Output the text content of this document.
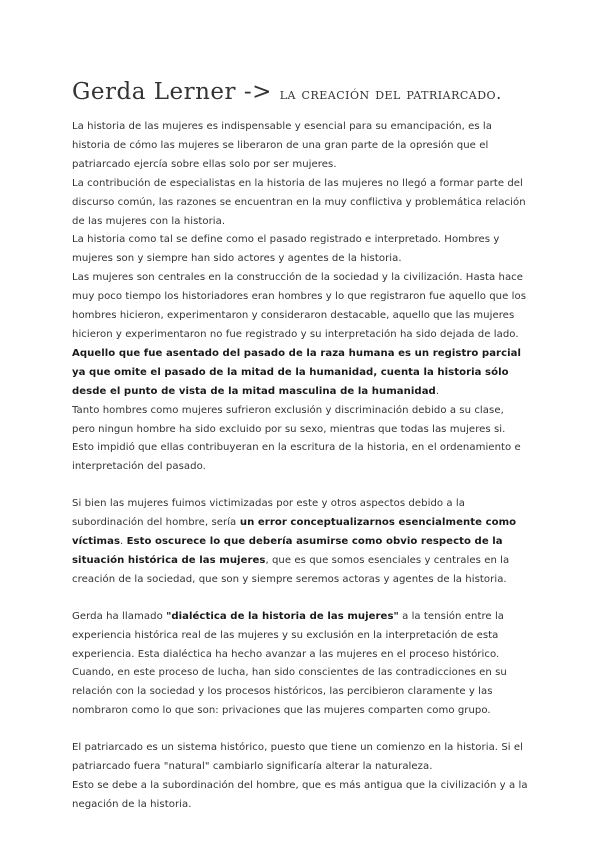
Gerda Lerner -> la creación del patriarcado.

La historia de las mujeres es indispensable y esencial para su emancipación, es la historia de cómo las mujeres se liberaron de una gran parte de la opresión que el patriarcado ejercía sobre ellas solo por ser mujeres.

La contribución de especialistas en la historia de las mujeres no llegó a formar parte del discurso común, las razones se encuentran en la muy conflictiva y problemática relación de las mujeres con la historia.

La historia como tal se define como el pasado registrado e interpretado. Hombres y mujeres son y siempre han sido actores y agentes de la historia.

Las mujeres son centrales en la construcción de la sociedad y la civilización. Hasta hace muy poco tiempo los historiadores eran hombres y lo que registraron fue aquello que los hombres hicieron, experimentaron y consideraron destacable, aquello que las mujeres hicieron y experimentaron no fue registrado y su interpretación ha sido dejada de lado.

Aquello que fue asentado del pasado de la raza humana es un registro parcial ya que omite el pasado de la mitad de la humanidad, cuenta la historia sólo desde el punto de vista de la mitad masculina de la humanidad.

Tanto hombres como mujeres sufrieron exclusión y discriminación debido a su clase, pero ningun hombre ha sido excluido por su sexo, mientras que todas las mujeres si. Esto impidió que ellas contribuyeran en la escritura de la historia, en el ordenamiento e interpretación del pasado.

Si bien las mujeres fuimos victimizadas por este y otros aspectos debido a la subordinación del hombre, sería un error conceptualizarnos esencialmente como víctimas. Esto oscurece lo que debería asumirse como obvio respecto de la situación histórica de las mujeres, que es que somos esenciales y centrales en la creación de la sociedad, que son y siempre seremos actoras y agentes de la historia.

Gerda ha llamado "dialéctica de la historia de las mujeres" a la tensión entre la experiencia histórica real de las mujeres y su exclusión en la interpretación de esta experiencia. Esta dialéctica ha hecho avanzar a las mujeres en el proceso histórico. Cuando, en este proceso de lucha, han sido conscientes de las contradicciones en su relación con la sociedad y los procesos históricos, las percibieron claramente y las nombraron como lo que son: privaciones que las mujeres comparten como grupo.

El patriarcado es un sistema histórico, puesto que tiene un comienzo en la historia. Si el patriarcado fuera "natural" cambiarlo significaría alterar la naturaleza.

Esto se debe a la subordinación del hombre, que es más antigua que la civilización y a la negación de la historia.
